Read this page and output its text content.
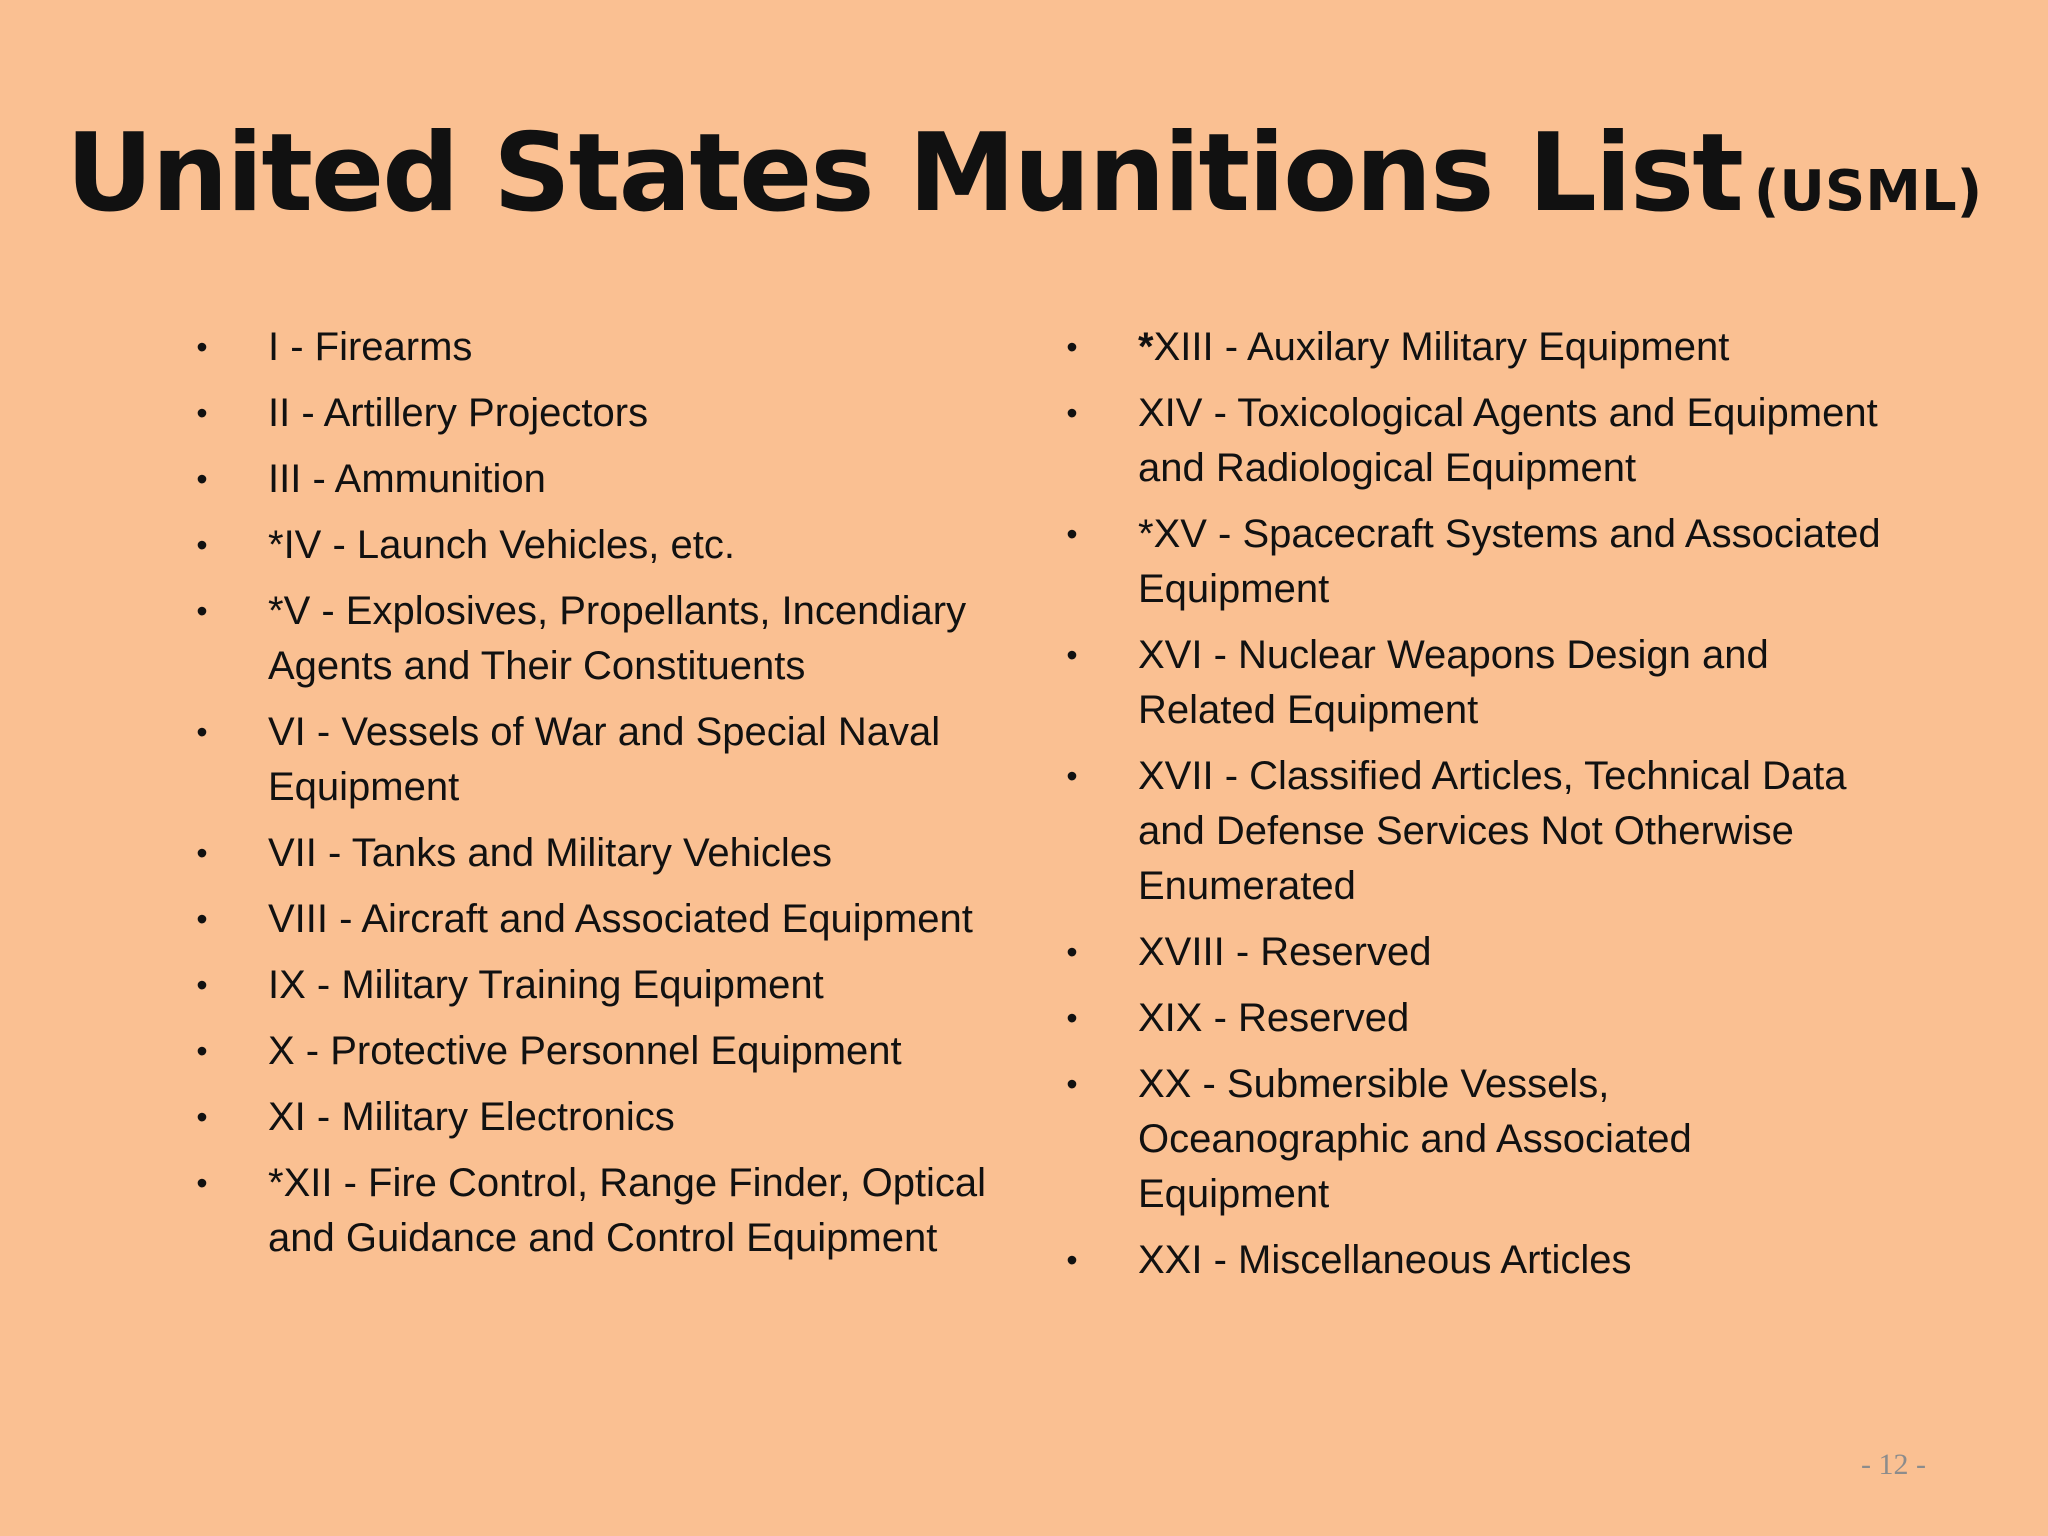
United States Munitions List (USML)
• I - Firearms
• II - Artillery Projectors
• III - Ammunition
• *IV - Launch Vehicles, etc.
• *V - Explosives, Propellants, Incendiary Agents and Their Constituents
• VI - Vessels of War and Special Naval Equipment
• VII - Tanks and Military Vehicles
• VIII - Aircraft and Associated Equipment
• IX - Military Training Equipment
• X - Protective Personnel Equipment
• XI - Military Electronics
• *XII - Fire Control, Range Finder, Optical and Guidance and Control Equipment
• *XIII - Auxilary Military Equipment
• XIV - Toxicological Agents and Equipment and Radiological Equipment
• *XV - Spacecraft Systems and Associated Equipment
• XVI - Nuclear Weapons Design and Related Equipment
• XVII - Classified Articles, Technical Data and Defense Services Not Otherwise Enumerated
• XVIII - Reserved
• XIX - Reserved
• XX - Submersible Vessels, Oceanographic and Associated Equipment
• XXI - Miscellaneous Articles
- 12 -
